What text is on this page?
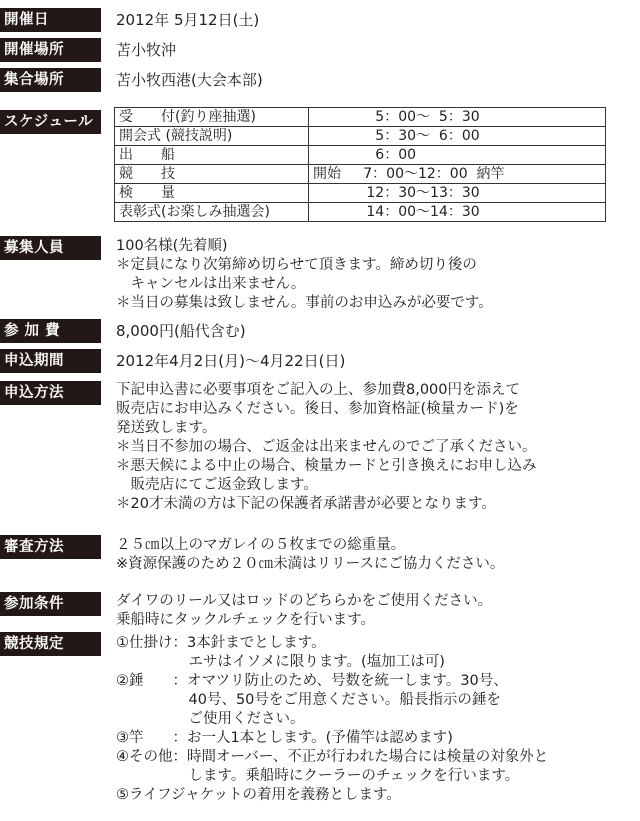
開催日	2012年 5月12日(土)
開催場所	苫小牧沖
集合場所	苫小牧西港(大会本部)
スケジュール	受　　付(釣り座抽選)	5：00～  5：30
開会式 (競技説明)	5：30～  6：00
出　　船	6：00
競　　技	開始     7：00～12：00  納竿
検　　量	12：30～13：30
表彰式(お楽しみ抽選会)	14：00～14：30
募集人員	100名様(先着順)
＊定員になり次第締め切らせて頂きます。締め切り後の
　キャンセルは出来ません。
＊当日の募集は致しません。事前のお申込みが必要です。
参 加 費	8,000円(船代含む)
申込期間	2012年4月2日(月)～4月22日(日)
申込方法	下記申込書に必要事項をご記入の上、参加費8,000円を添えて
販売店にお申込みください。後日、参加資格証(検量カード)を
発送致します。
＊当日不参加の場合、ご返金は出来ませんのでご了承ください。
＊悪天候による中止の場合、検量カードと引き換えにお申し込み
　販売店にてご返金致します。
＊20才未満の方は下記の保護者承諾書が必要となります。
審査方法	２５㎝以上のマガレイの５枚までの総重量。
※資源保護のため２０㎝未満はリリースにご協力ください。
参加条件	ダイワのリール又はロッドのどちらかをご使用ください。
乗船時にタックルチェックを行います。
競技規定	①仕掛け：3本針までとします。
　　　　　エサはイソメに限ります。(塩加工は可)
②錘　　：オマツリ防止のため、号数を統一します。30号、
　　　　　40号、50号をご用意ください。船長指示の錘を
　　　　　ご使用ください。
③竿　　：お一人1本とします。(予備竿は認めます)
④その他：時間オーバー、不正が行われた場合には検量の対象外と
　　　　　します。乗船時にクーラーのチェックを行います。
⑤ライフジャケットの着用を義務とします。
